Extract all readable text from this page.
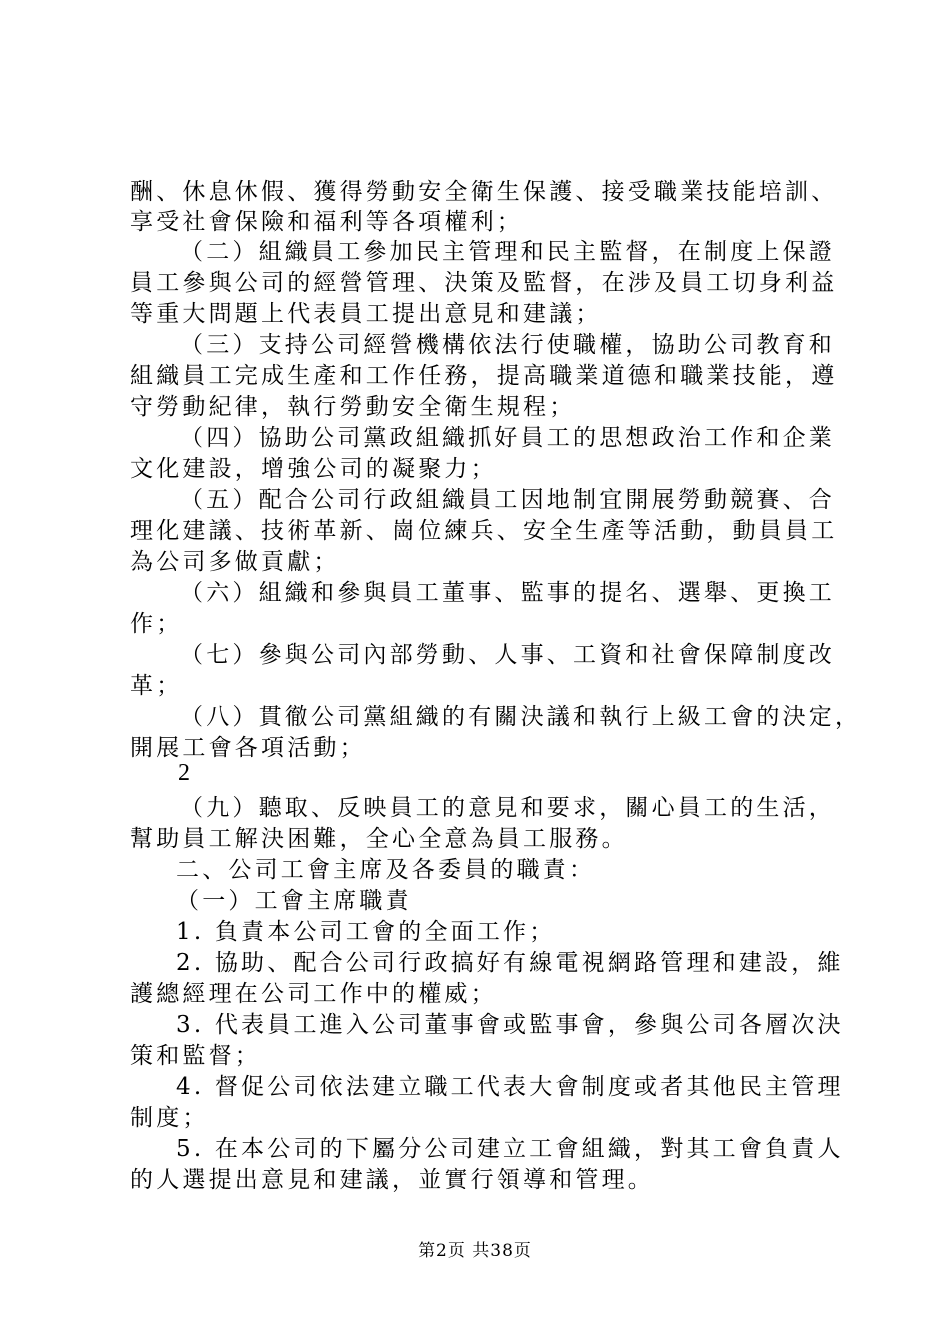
酬、休息休假、獲得勞動安全衛生保護、接受職業技能培訓、
享受社會保險和福利等各項權利；
（二）組織員工參加民主管理和民主監督，在制度上保證
員工參與公司的經營管理、決策及監督，在涉及員工切身利益
等重大問題上代表員工提出意見和建議；
（三）支持公司經營機構依法行使職權，協助公司教育和
組織員工完成生產和工作任務，提高職業道德和職業技能，遵
守勞動紀律，執行勞動安全衛生規程；
（四）協助公司黨政組織抓好員工的思想政治工作和企業
文化建設，增強公司的凝聚力；
（五）配合公司行政組織員工因地制宜開展勞動競賽、合
理化建議、技術革新、崗位練兵、安全生產等活動，動員員工
為公司多做貢獻；
（六）組織和參與員工董事、監事的提名、選舉、更換工
作；
（七）參與公司內部勞動、人事、工資和社會保障制度改
革；
（八）貫徹公司黨組織的有關決議和執行上級工會的決定，
開展工會各項活動；
2
（九）聽取、反映員工的意見和要求，關心員工的生活，
幫助員工解決困難，全心全意為員工服務。
二、公司工會主席及各委員的職責：
（一）工會主席職責
1. 負責本公司工會的全面工作；
2. 協助、配合公司行政搞好有線電視網路管理和建設，維
護總經理在公司工作中的權威；
3. 代表員工進入公司董事會或監事會，參與公司各層次決
策和監督；
4. 督促公司依法建立職工代表大會制度或者其他民主管理
制度；
5. 在本公司的下屬分公司建立工會組織，對其工會負責人
的人選提出意見和建議，並實行領導和管理。
第2页 共38页
